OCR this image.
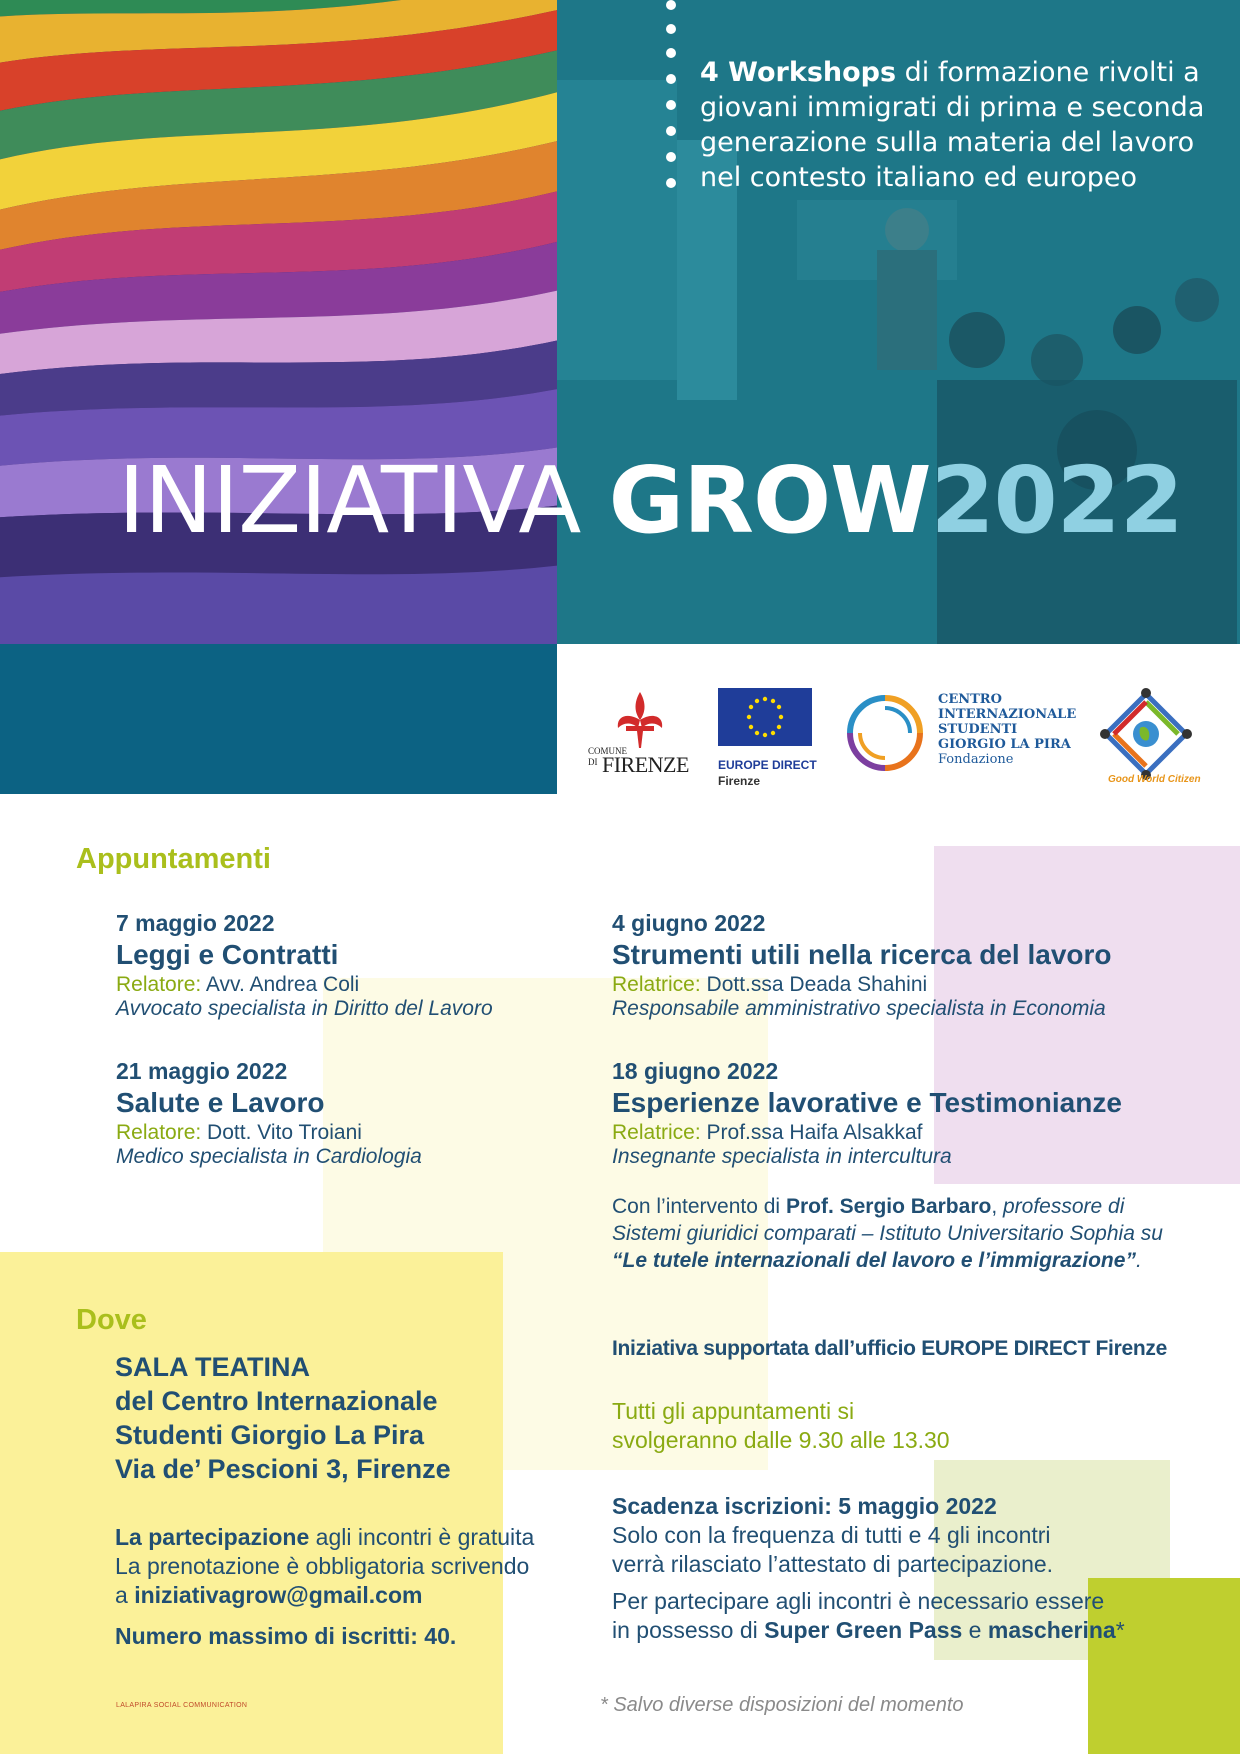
4 Workshops di formazione rivolti a giovani immigrati di prima e seconda generazione sulla materia del lavoro nel contesto italiano ed europeo
INIZIATIVA GROW2022
COMUNE
DI FIRENZE EUROPE DIRECT
Firenze
CENTRO
INTERNAZIONALE
STUDENTI
GIORGIO LA PIRA
Fondazione
Good World Citizen
Appuntamenti
7 maggio 2022
Leggi e Contratti
Relatore: Avv. Andrea Coli
Avvocato specialista in Diritto del Lavoro
21 maggio 2022
Salute e Lavoro
Relatore: Dott. Vito Troiani
Medico specialista in Cardiologia
4 giugno 2022
Strumenti utili nella ricerca del lavoro
Relatrice: Dott.ssa Deada Shahini
Responsabile amministrativo specialista in Economia
18 giugno 2022
Esperienze lavorative e Testimonianze
Relatrice: Prof.ssa Haifa Alsakkaf
Insegnante specialista in intercultura
Con l’intervento di Prof. Sergio Barbaro, professore di Sistemi giuridici comparati – Istituto Universitario Sophia su “Le tutele internazionali del lavoro e l’immigrazione”.
Iniziativa supportata dall’ufficio EUROPE DIRECT Firenze
Tutti gli appuntamenti si
svolgeranno dalle 9.30 alle 13.30
Dove
SALA TEATINA
del Centro Internazionale
Studenti Giorgio La Pira
Via de’ Pescioni 3, Firenze
La partecipazione agli incontri è gratuita
La prenotazione è obbligatoria scrivendo
a iniziativagrow@gmail.com
Numero massimo di iscritti: 40.
Scadenza iscrizioni: 5 maggio 2022
Solo con la frequenza di tutti e 4 gli incontri
verrà rilasciato l’attestato di partecipazione.
Per partecipare agli incontri è necessario essere
in possesso di Super Green Pass e mascherina*
* Salvo diverse disposizioni del momento
LALAPIRA SOCIAL COMMUNICATION
